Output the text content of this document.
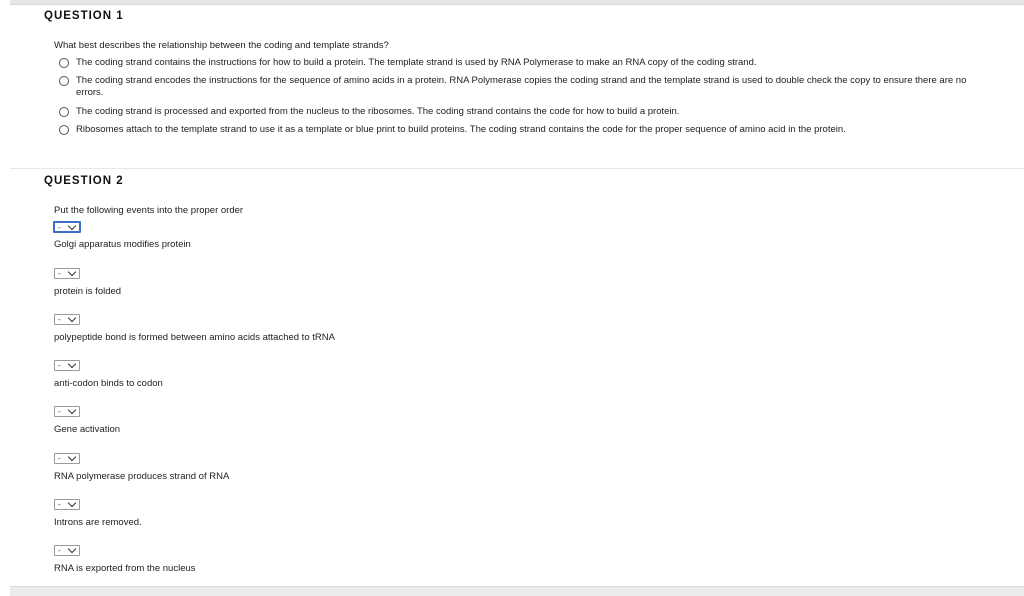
QUESTION 1
What best describes the relationship between the coding and template strands?
The coding strand contains the instructions for how to build a protein. The template strand is used by RNA Polymerase to make an RNA copy of the coding strand.
The coding strand encodes the instructions for the sequence of amino acids in a protein. RNA Polymerase copies the coding strand and the template strand is used to double check the copy to ensure there are no errors.
The coding strand is processed and exported from the nucleus to the ribosomes. The coding strand contains the code for how to build a protein.
Ribosomes attach to the template strand to use it as a template or blue print to build proteins. The coding strand contains the code for the proper sequence of amino acid in the protein.
QUESTION 2
Put the following events into the proper order
-
Golgi apparatus modifies protein
-
protein is folded
-
polypeptide bond is formed between amino acids attached to tRNA
-
anti-codon binds to codon
-
Gene activation
-
RNA polymerase produces strand of RNA
-
Introns are removed.
-
RNA is exported from the nucleus
